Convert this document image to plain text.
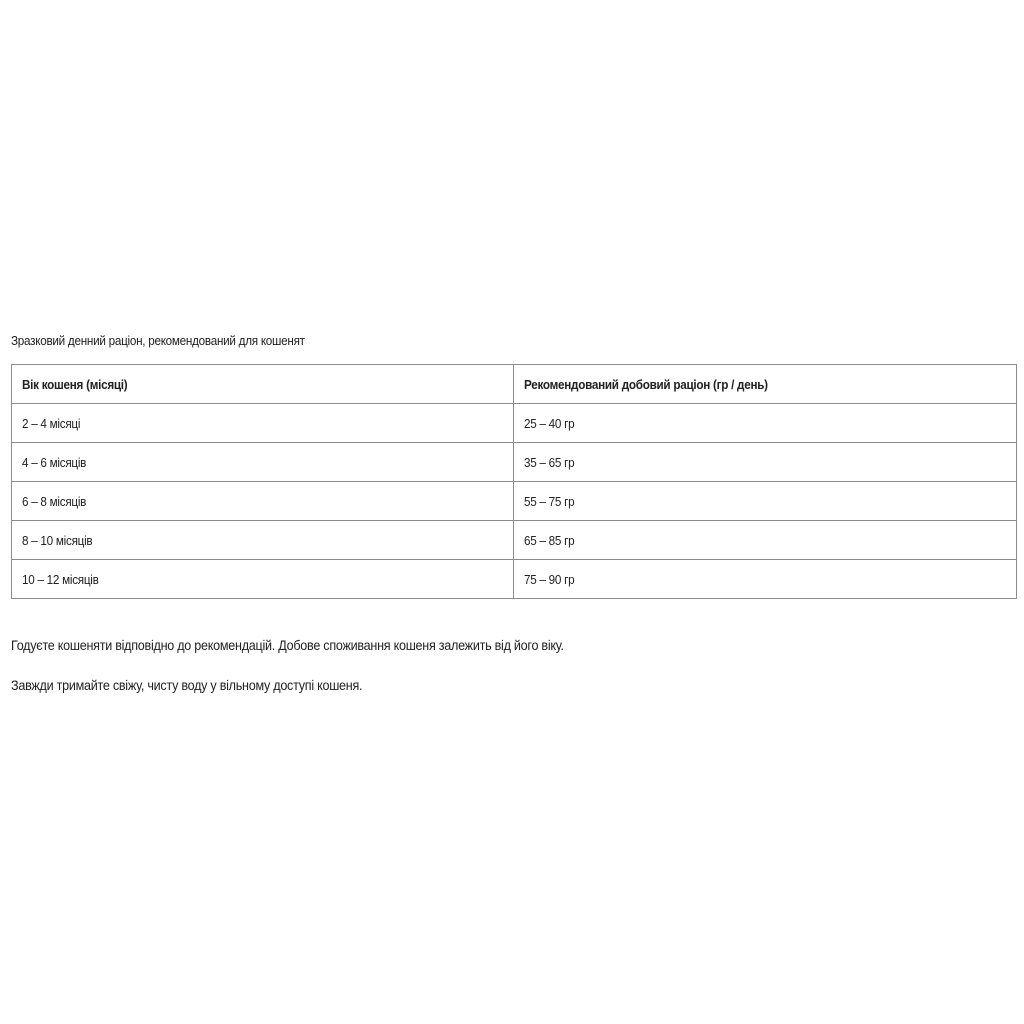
Зразковий денний раціон, рекомендований для кошенят
Вік кошеня (місяці)	Рекомендований добовий раціон (гр / день)
2 – 4 місяці	25 – 40 гр
4 – 6 місяців	35 – 65 гр
6 – 8 місяців	55 – 75 гр
8 – 10 місяців	65 – 85 гр
10 – 12 місяців	75 – 90 гр
Годуєте кошеняти відповідно до рекомендацій. Добове споживання кошеня залежить від його віку.
Завжди тримайте свіжу, чисту воду у вільному доступі кошеня.
